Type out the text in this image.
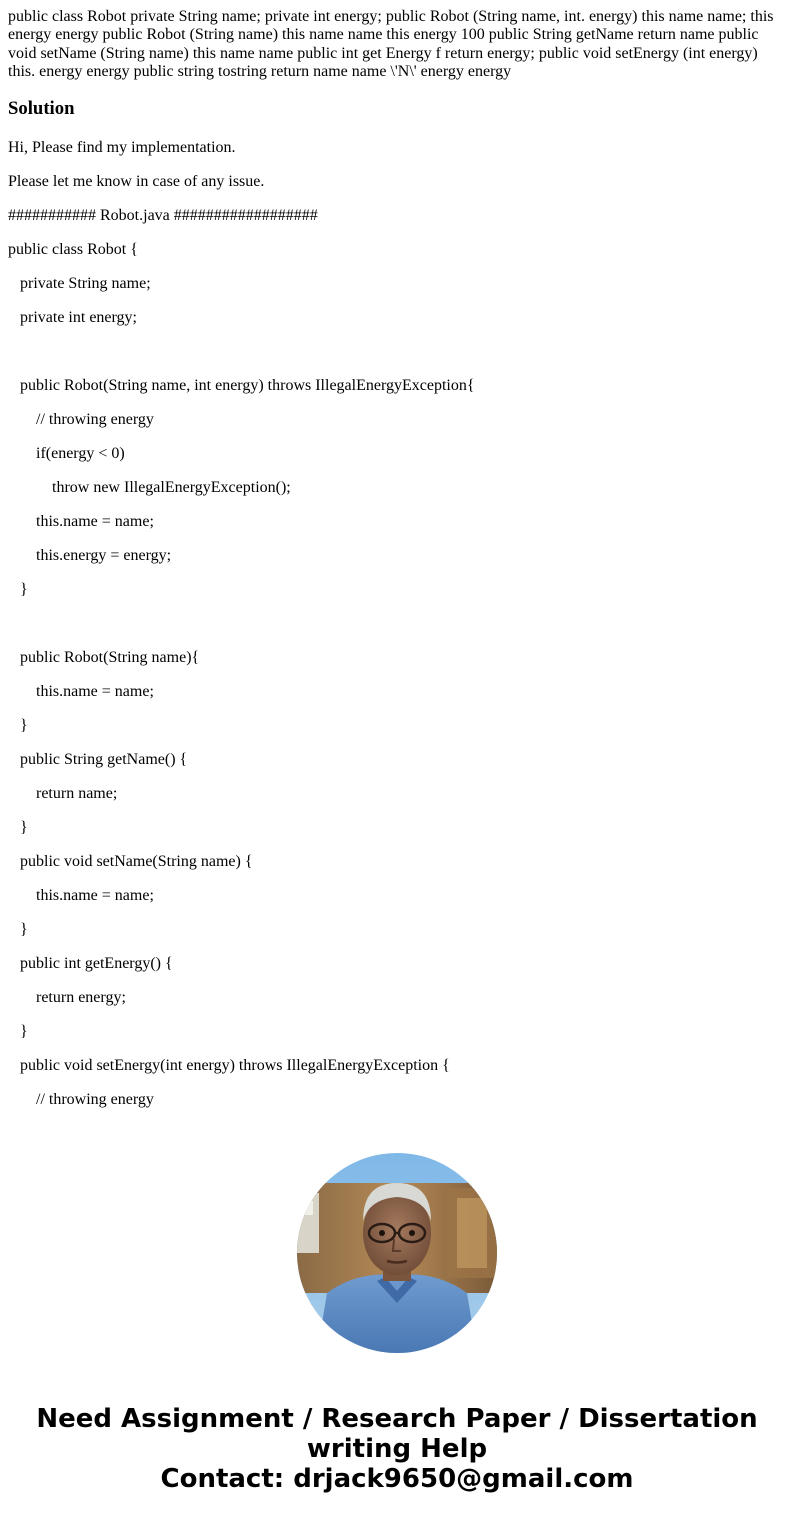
public class Robot private String name; private int energy; public Robot (String name, int. energy) this name name; this energy energy public Robot (String name) this name name this energy 100 public String getName return name public void setName (String name) this name name public int get Energy f return energy; public void setEnergy (int energy) this. energy energy public string tostring return name name \'N\' energy energy

Solution

Hi, Please find my implementation.

Please let me know in case of any issue.

########### Robot.java ##################

public class Robot {

private String name;

private int energy;

public Robot(String name, int energy) throws IllegalEnergyException{

// throwing energy

if(energy < 0)

throw new IllegalEnergyException();

this.name = name;

this.energy = energy;

}

public Robot(String name){

this.name = name;

}

public String getName() {

return name;

}

public void setName(String name) {

this.name = name;

}

public int getEnergy() {

return energy;

}

public void setEnergy(int energy) throws IllegalEnergyException {

// throwing energy

Need Assignment / Research Paper / Dissertation
writing Help
Contact: drjack9650@gmail.com
